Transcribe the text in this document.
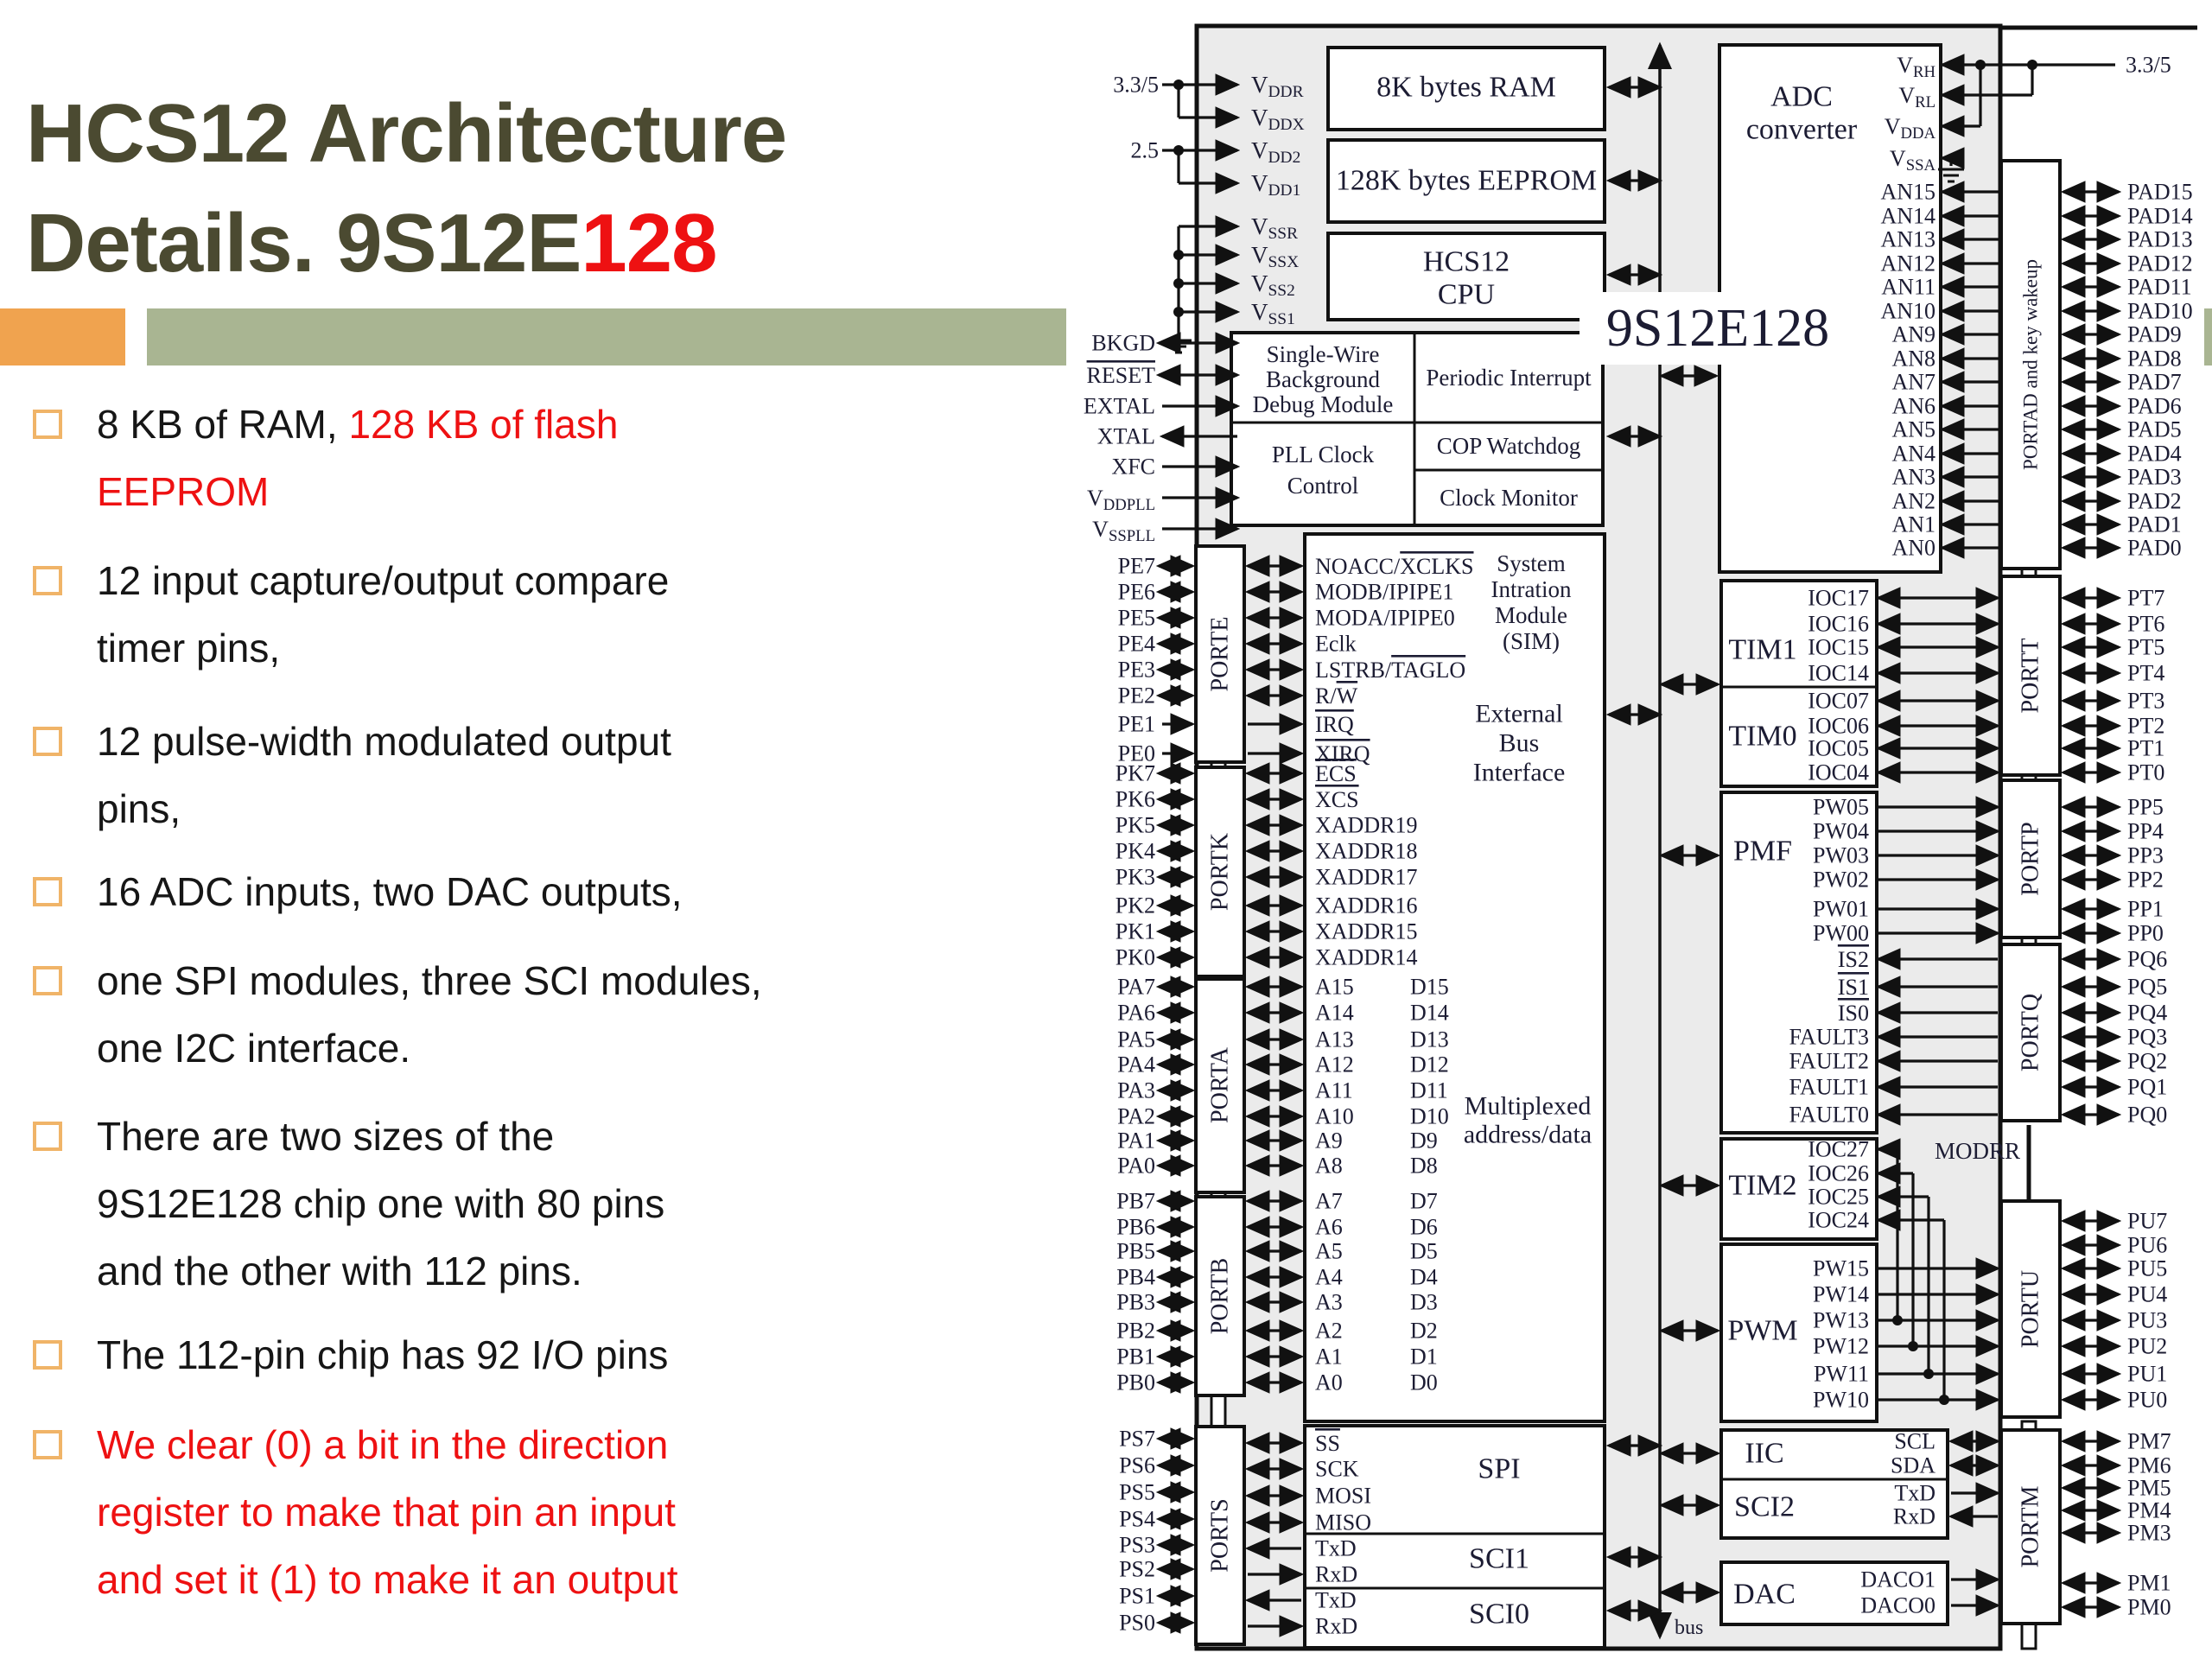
HCS12 Architecture
Details. 9S12E128
8 KB of RAM, 128 KB of flash
EEPROM
12 input capture/output compare
timer pins,
12 pulse-width modulated output
pins,
16 ADC inputs, two DAC outputs,
one SPI modules, three SCI modules,
one I2C interface.
There are two sizes of the
9S12E128 chip one with 80 pins
and the other with 112 pins.
The 112-pin chip has 92 I/O pins
We clear (0) a bit in the direction
register to make that pin an input
and set it (1) to make it an output
PORTE
PORTK
PORTA
PORTB
PORTS
PORTAD and key wakeup
PORTT
PORTP
PORTQ
PORTU
PORTM
3.3/5
2.5
$V_{DDR}$
$V_{DDX}$
$V_{DD2}$
$V_{DD1}$
$V_{SSR}$
$V_{SSX}$
$V_{SS2}$
$V_{SS1}$
8K bytes RAM
128K bytes EEPROM
HCS12
CPU
9S12E128
Single-Wire
Background
Debug Module
Periodic Interrupt
PLL Clock
Control
COP Watchdog
Clock Monitor
BKGD
RESET
EXTAL
XTAL
XFC
$V_{DDPLL}$
$V_{SSPLL}$
PE7
PE6
PE5
PE4
PE3
PE2
PE1
PE0
NOACC/XCLKS
MODB/IPIPE1
MODA/IPIPE0
Eclk
LSTRB/TAGLO
R/W
IRQ
XIRQ
System
Intration
Module
(SIM)
External
Bus
Interface
Multiplexed
address/data
PK7
PK6
PK5
PK4
PK3
PK2
PK1
PK0
ECS
XCS
XADDR19
XADDR18
XADDR17
XADDR16
XADDR15
XADDR14
PA7
PA6
PA5
PA4
PA3
PA2
PA1
PA0
A15	D15
A14	D14
A13	D13
A12	D12
A11	D11
A10	D10
A9	D9
A8	D8
PB7
PB6
PB5
PB4
PB3
PB2
PB1
PB0
A7	D7
A6	D6
A5	D5
A4	D4
A3	D3
A2	D2
A1	D1
A0	D0
PS7
PS6
PS5
PS4
PS3
PS2
PS1
PS0
SS
SCK
MOSI
MISO
TxD
RxD
TxD
RxD
SPI
SCI1
SCI0
ADC
converter
$V_{RH}$
$V_{RL}$
$V_{DDA}$
$V_{SSA}$
3.3/5
AN15
AN14
AN13
AN12
AN11
AN10
AN9
AN8
AN7
AN6
AN5
AN4
AN3
AN2
AN1
AN0
PAD15
PAD14
PAD13
PAD12
PAD11
PAD10
PAD9
PAD8
PAD7
PAD6
PAD5
PAD4
PAD3
PAD2
PAD1
PAD0
TIM1
IOC17
IOC16
IOC15
IOC14
TIM0
IOC07
IOC06
IOC05
IOC04
PT7
PT6
PT5
PT4
PT3
PT2
PT1
PT0
PMF
PW05
PW04
PW03
PW02
PW01
PW00
IS2
IS1
IS0
FAULT3
FAULT2
FAULT1
FAULT0
PP5
PP4
PP3
PP2
PP1
PP0
PQ6
PQ5
PQ4
PQ3
PQ2
PQ1
PQ0
TIM2
IOC27
IOC26
IOC25
IOC24
MODRR
PWM
PW15
PW14
PW13
PW12
PW11
PW10
PU7
PU6
PU5
PU4
PU3
PU2
PU1
PU0
IIC	SCL
SDA
SCI2	TxD
RxD
DAC	DACO1
DACO0
PM7
PM6
PM5
PM4
PM3
PM1
PM0
bus
